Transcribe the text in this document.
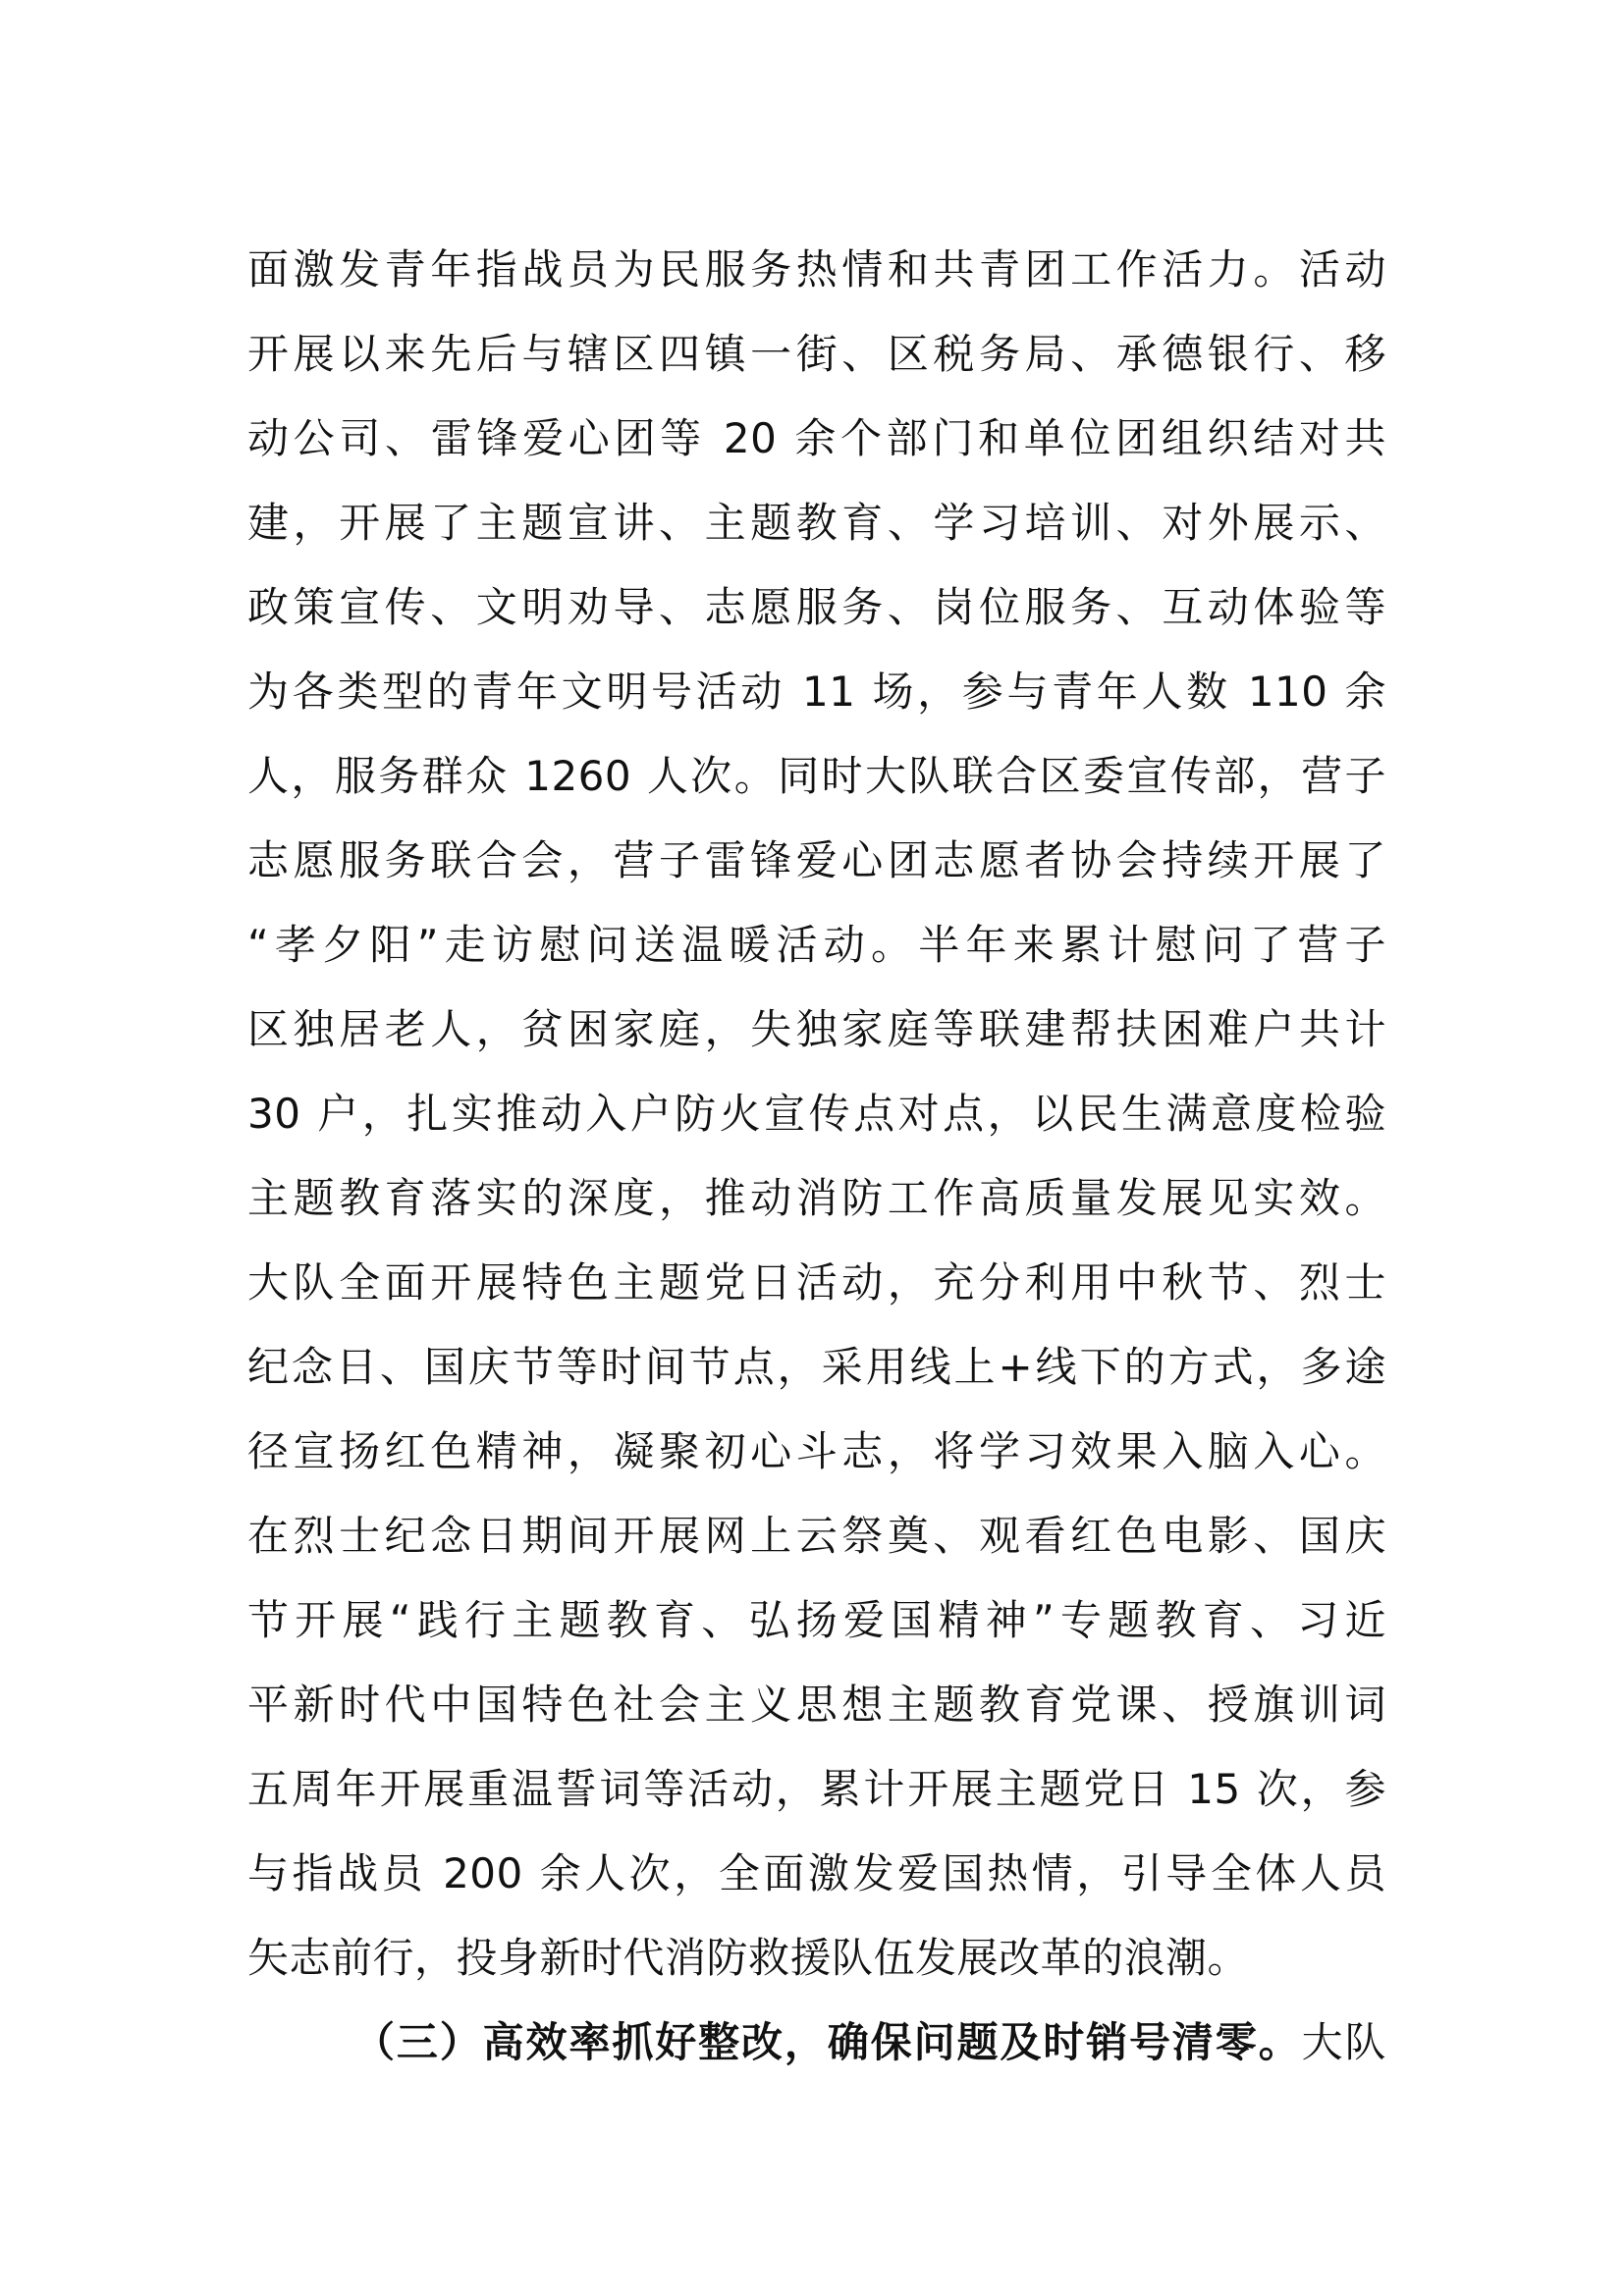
面激发青年指战员为民服务热情和共青团工作活力。活动
开展以来先后与辖区四镇一街、区税务局、承德银行、移
动公司、雷锋爱心团等 20 余个部门和单位团组织结对共
建，开展了主题宣讲、主题教育、学习培训、对外展示、
政策宣传、文明劝导、志愿服务、岗位服务、互动体验等
为各类型的青年文明号活动 11 场，参与青年人数 110 余
人，服务群众 1260 人次。同时大队联合区委宣传部，营子
志愿服务联合会，营子雷锋爱心团志愿者协会持续开展了
“孝夕阳”走访慰问送温暖活动。半年来累计慰问了营子
区独居老人，贫困家庭，失独家庭等联建帮扶困难户共计
30 户，扎实推动入户防火宣传点对点，以民生满意度检验
主题教育落实的深度，推动消防工作高质量发展见实效。
大队全面开展特色主题党日活动，充分利用中秋节、烈士
纪念日、国庆节等时间节点，采用线上+线下的方式，多途
径宣扬红色精神，凝聚初心斗志，将学习效果入脑入心。
在烈士纪念日期间开展网上云祭奠、观看红色电影、国庆
节开展“践行主题教育、弘扬爱国精神”专题教育、习近
平新时代中国特色社会主义思想主题教育党课、授旗训词
五周年开展重温誓词等活动，累计开展主题党日 15 次，参
与指战员 200 余人次，全面激发爱国热情，引导全体人员
矢志前行，投身新时代消防救援队伍发展改革的浪潮。
（三）高效率抓好整改，确保问题及时销号清零。大队
